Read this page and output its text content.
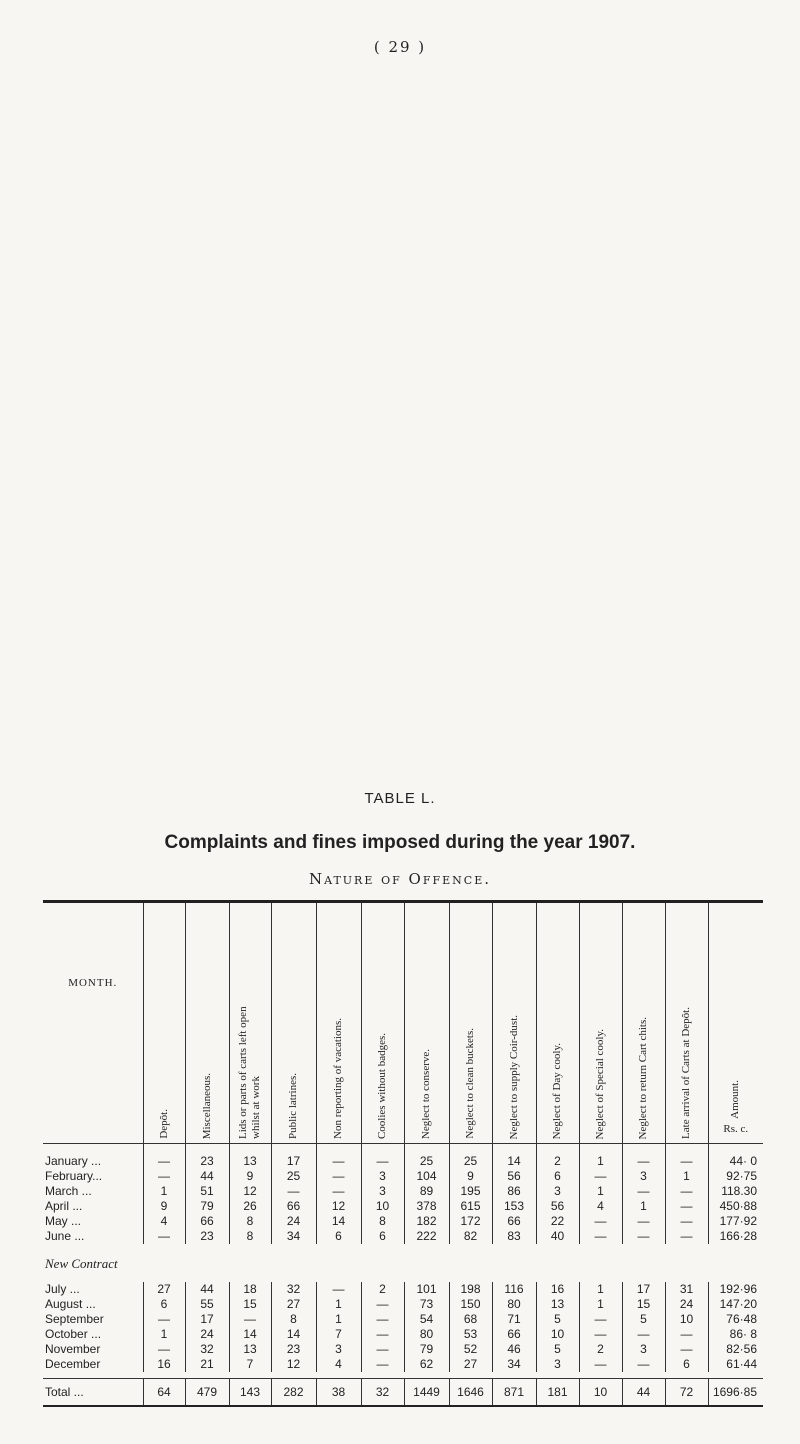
( 29 )
TABLE L.
Complaints and fines imposed during the year 1907.
Nature of Offence.
MONTH.	Depôt.	Miscellaneous.	Lids or parts of carts left open whilst at work	Public latrines.	Non reporting of vacations.	Coolies without badges.	Neglect to conserve.	Neglect to clean buckets.	Neglect to supply Coir-dust.	Neglect of Day cooly.	Neglect of Special cooly.	Neglect to return Cart chits.	Late arrival of Carts at Depôt.	Amount.
Rs. c.

January ...	—	23	13	17	—	—	25	25	14	2	1	—	—	44· 0
February...	—	44	9	25	—	3	104	9	56	6	—	3	1	92·75
March ...	1	51	12	—	—	3	89	195	86	3	1	—	—	118.30
April ...	9	79	26	66	12	10	378	615	153	56	4	1	—	450·88
May ...	4	66	8	24	14	8	182	172	66	22	—	—	—	177·92
June ...	—	23	8	34	6	6	222	82	83	40	—	—	—	166·28
New Contract														
July ...	27	44	18	32	—	2	101	198	116	16	1	17	31	192·96
August ...	6	55	15	27	1	—	73	150	80	13	1	15	24	147·20
September	—	17	—	8	1	—	54	68	71	5	—	5	10	76·48
October ...	1	24	14	14	7	—	80	53	66	10	—	—	—	86· 8
November	—	32	13	23	3	—	79	52	46	5	2	3	—	82·56
December	16	21	7	12	4	—	62	27	34	3	—	—	6	61·44

Total ...	64	479	143	282	38	32	1449	1646	871	181	10	44	72	1696·85
